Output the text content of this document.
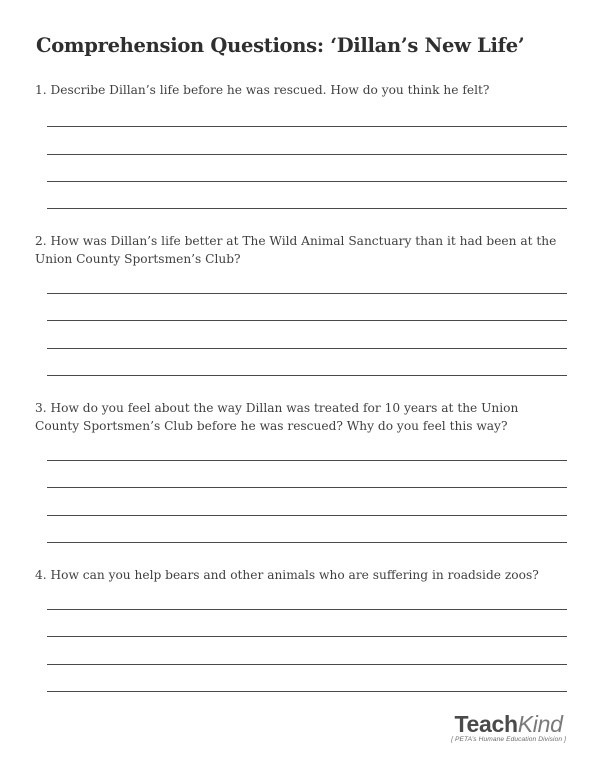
Comprehension Questions: ‘Dillan’s New Life’
1. Describe Dillan’s life before he was rescued. How do you think he felt?
2. How was Dillan’s life better at The Wild Animal Sanctuary than it had been at the Union County Sportsmen’s Club?
3. How do you feel about the way Dillan was treated for 10 years at the Union County Sportsmen’s Club before he was rescued? Why do you feel this way?
4. How can you help bears and other animals who are suffering in roadside zoos?
TeachKind
[ PETA’s Humane Education Division ]
